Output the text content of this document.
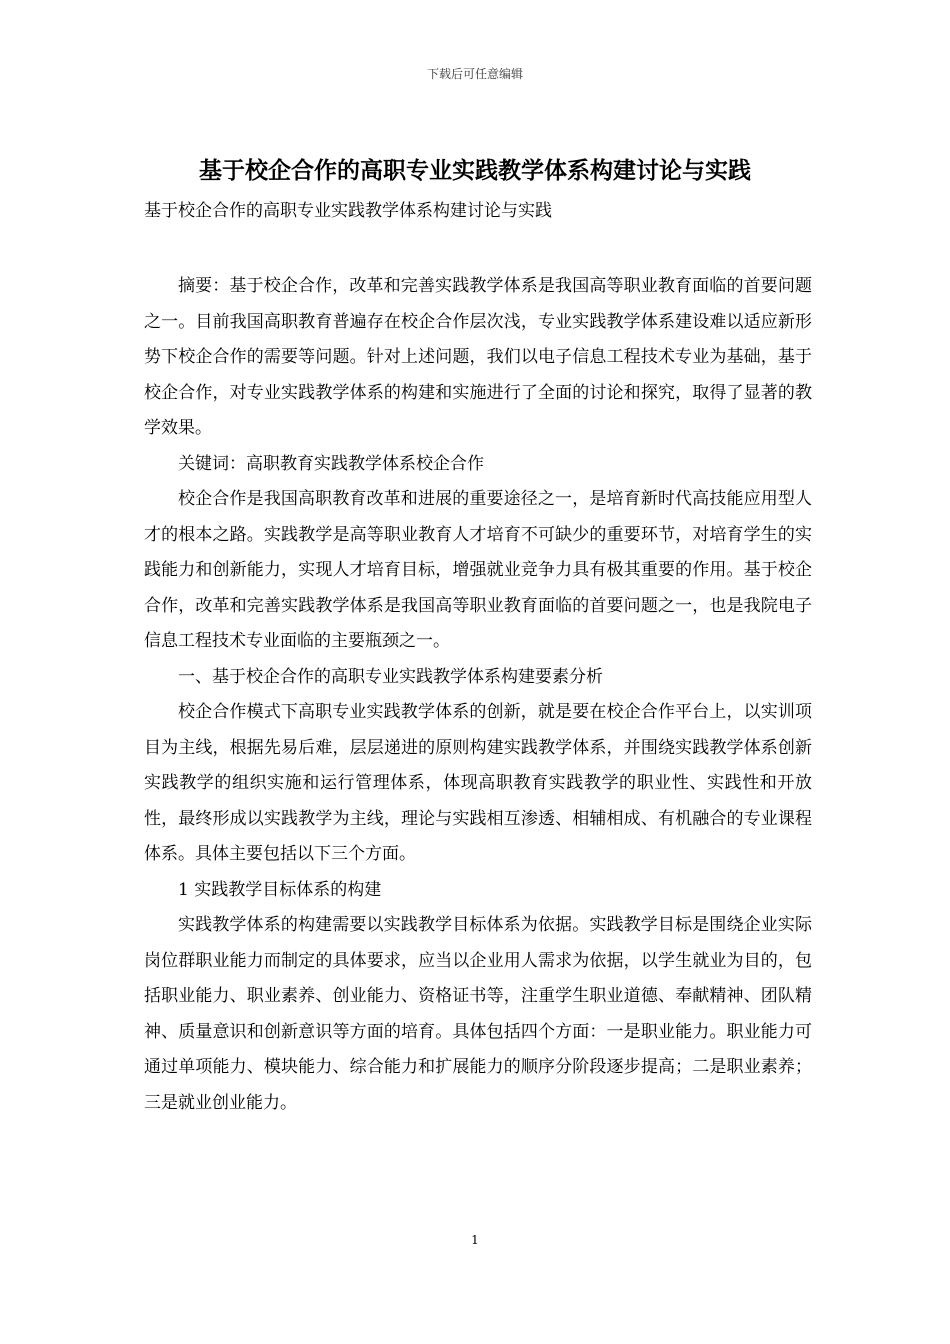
下载后可任意编辑
基于校企合作的高职专业实践教学体系构建讨论与实践

基于校企合作的高职专业实践教学体系构建讨论与实践

摘要：基于校企合作，改革和完善实践教学体系是我国高等职业教育面临的首要问题之一。目前我国高职教育普遍存在校企合作层次浅，专业实践教学体系建设难以适应新形势下校企合作的需要等问题。针对上述问题，我们以电子信息工程技术专业为基础，基于校企合作，对专业实践教学体系的构建和实施进行了全面的讨论和探究，取得了显著的教学效果。

关键词：高职教育实践教学体系校企合作

校企合作是我国高职教育改革和进展的重要途径之一，是培育新时代高技能应用型人才的根本之路。实践教学是高等职业教育人才培育不可缺少的重要环节，对培育学生的实践能力和创新能力，实现人才培育目标，增强就业竞争力具有极其重要的作用。基于校企合作，改革和完善实践教学体系是我国高等职业教育面临的首要问题之一，也是我院电子信息工程技术专业面临的主要瓶颈之一。

一、基于校企合作的高职专业实践教学体系构建要素分析

校企合作模式下高职专业实践教学体系的创新，就是要在校企合作平台上，以实训项目为主线，根据先易后难，层层递进的原则构建实践教学体系，并围绕实践教学体系创新实践教学的组织实施和运行管理体系，体现高职教育实践教学的职业性、实践性和开放性，最终形成以实践教学为主线，理论与实践相互渗透、相辅相成、有机融合的专业课程体系。具体主要包括以下三个方面。

1 实践教学目标体系的构建

实践教学体系的构建需要以实践教学目标体系为依据。实践教学目标是围绕企业实际岗位群职业能力而制定的具体要求，应当以企业用人需求为依据，以学生就业为目的，包括职业能力、职业素养、创业能力、资格证书等，注重学生职业道德、奉献精神、团队精神、质量意识和创新意识等方面的培育。具体包括四个方面：一是职业能力。职业能力可通过单项能力、模块能力、综合能力和扩展能力的顺序分阶段逐步提高；二是职业素养；三是就业创业能力。

1
